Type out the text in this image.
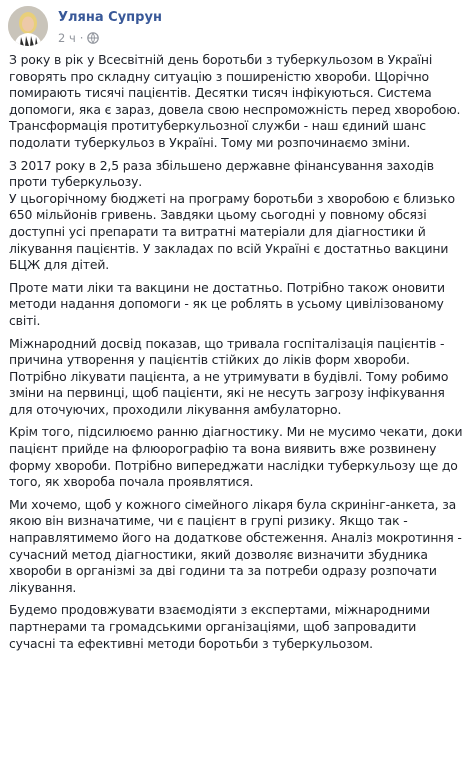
Уляна Супрун
2 ч ·

З року в рік у Всесвітній день боротьби з туберкульозом в Україні говорять про складну ситуацію з поширеністю хвороби. Щорічно помирають тисячі пацієнтів. Десятки тисяч інфікуються. Система допомоги, яка є зараз, довела свою неспроможність перед хворобою. Трансформація протитуберкульозної служби - наш єдиний шанс подолати туберкульоз в Україні. Тому ми розпочинаємо зміни.

З 2017 року в 2,5 раза збільшено державне фінансування заходів проти туберкульозу.
У цьогорічному бюджеті на програму боротьби з хворобою є близько 650 мільйонів гривень. Завдяки цьому сьогодні у повному обсязі доступні усі препарати та витратні матеріали для діагностики й лікування пацієнтів. У закладах по всій Україні є достатньо вакцини БЦЖ для дітей.

Проте мати ліки та вакцини не достатньо. Потрібно також оновити методи надання допомоги - як це роблять в усьому цивілізованому світі.

Міжнародний досвід показав, що тривала госпіталізація пацієнтів - причина утворення у пацієнтів стійких до ліків форм хвороби. Потрібно лікувати пацієнта, а не утримувати в будівлі. Тому робимо зміни на первинці, щоб пацієнти, які не несуть загрозу інфікування для оточуючих, проходили лікування амбулаторно.

Крім того, підсилюємо ранню діагностику. Ми не мусимо чекати, доки пацієнт прийде на флюорографію та вона виявить вже розвинену форму хвороби. Потрібно випереджати наслідки туберкульозу ще до того, як хвороба почала проявлятися.

Ми хочемо, щоб у кожного сімейного лікаря була скринінг-анкета, за якою він визначатиме, чи є пацієнт в групі ризику. Якщо так - направлятимемо його на додаткове обстеження. Аналіз мокротиння - сучасний метод діагностики, який дозволяє визначити збудника хвороби в організмі за дві години та за потреби одразу розпочати лікування.

Будемо продовжувати взаємодіяти з експертами, міжнародними партнерами та громадськими організаціями, щоб запровадити сучасні та ефективні методи боротьби з туберкульозом.
